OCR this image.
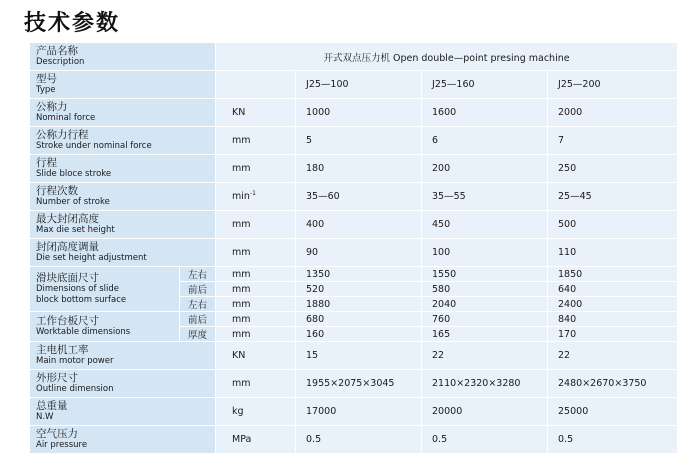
技术参数
产品名称
Description		开式双点压力机 Open double—point presing machine			

型号
Type			J25—100	J25—160	J25—200

公称力
Nominal force		KN	1000	1600	2000

公称力行程
Stroke under nominal force		mm	5	6	7

行程
Slide bloce stroke		mm	180	200	250

行程次数
Number of stroke		$\min^{-1}$	35—60	35—55	25—45

最大封闭高度
Max die set height		mm	400	450	500

封闭高度调量
Die set height adjustment		mm	90	100	110

滑块底面尺寸
Dimensions of slide
block bottom surface	左右	mm	1350	1550	1850
	前后	mm	520	580	640
	左右	mm	1880	2040	2400

工作台板尺寸
Worktable dimensions	前后	mm	680	760	840
	厚度	mm	160	165	170

主电机工率
Main motor power		KN	15	22	22

外形尺寸
Outline dimension		mm	1955×2075×3045	2110×2320×3280	2480×2670×3750

总重量
N.W		kg	17000	20000	25000

空气压力
Air pressure		MPa	0.5	0.5	0.5
